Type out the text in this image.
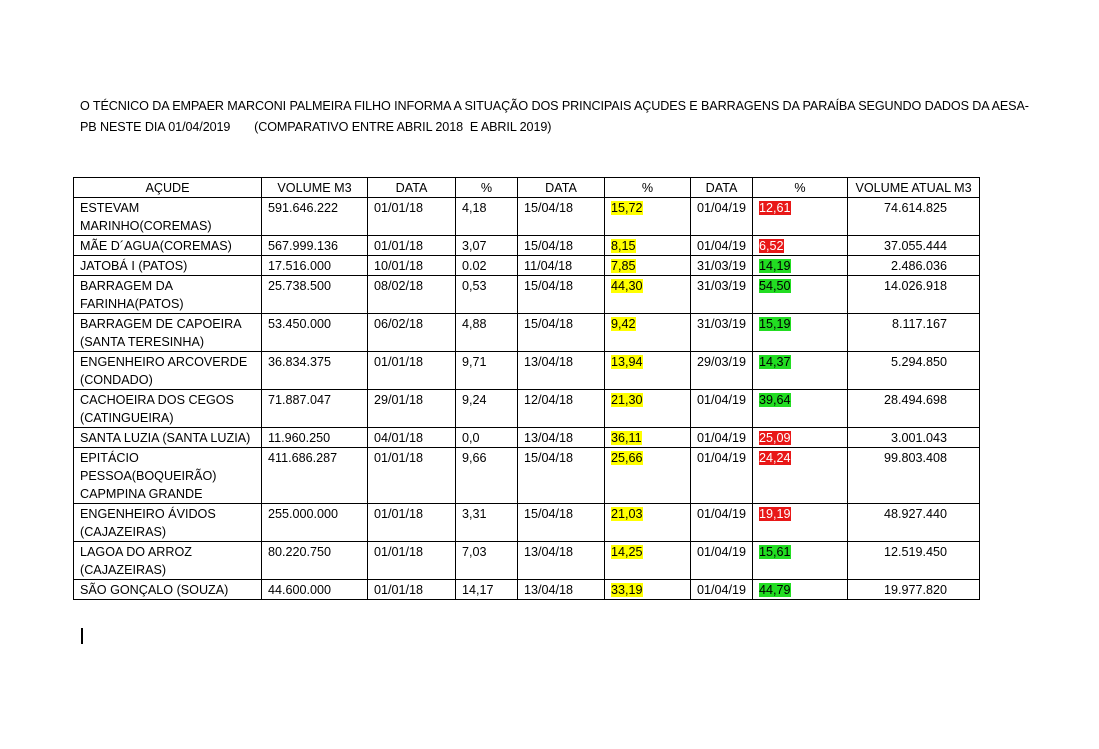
O TÉCNICO DA EMPAER MARCONI PALMEIRA FILHO INFORMA A SITUAÇÃO DOS PRINCIPAIS AÇUDES E BARRAGENS DA PARAÍBA SEGUNDO DADOS DA AESA-
PB NESTE DIA 01/04/2019       (COMPARATIVO ENTRE ABRIL 2018  E ABRIL 2019)
AÇUDE	VOLUME M3	DATA	%	DATA	%	DATA	%	VOLUME ATUAL M3
ESTEVAM MARINHO(COREMAS)	591.646.222	01/01/18	4,18	15/04/18	15,72	01/04/19	12,61	74.614.825
MÃE D´AGUA(COREMAS)	567.999.136	01/01/18	3,07	15/04/18	8,15	01/04/19	6,52	37.055.444
JATOBÁ I (PATOS)	17.516.000	10/01/18	0.02	11/04/18	7,85	31/03/19	14,19	2.486.036
BARRAGEM DA FARINHA(PATOS)	25.738.500	08/02/18	0,53	15/04/18	44,30	31/03/19	54,50	14.026.918
BARRAGEM DE CAPOEIRA (SANTA TERESINHA)	53.450.000	06/02/18	4,88	15/04/18	9,42	31/03/19	15,19	8.117.167
ENGENHEIRO ARCOVERDE (CONDADO)	36.834.375	01/01/18	9,71	13/04/18	13,94	29/03/19	14,37	5.294.850
CACHOEIRA DOS CEGOS (CATINGUEIRA)	71.887.047	29/01/18	9,24	12/04/18	21,30	01/04/19	39,64	28.494.698
SANTA LUZIA (SANTA LUZIA)	11.960.250	04/01/18	0,0	13/04/18	36,11	01/04/19	25,09	3.001.043
EPITÁCIO PESSOA(BOQUEIRÃO) CAPMPINA GRANDE	411.686.287	01/01/18	9,66	15/04/18	25,66	01/04/19	24,24	99.803.408
ENGENHEIRO ÁVIDOS (CAJAZEIRAS)	255.000.000	01/01/18	3,31	15/04/18	21,03	01/04/19	19,19	48.927.440
LAGOA DO ARROZ (CAJAZEIRAS)	80.220.750	01/01/18	7,03	13/04/18	14,25	01/04/19	15,61	12.519.450
SÃO GONÇALO (SOUZA)	44.600.000	01/01/18	14,17	13/04/18	33,19	01/04/19	44,79	19.977.820
